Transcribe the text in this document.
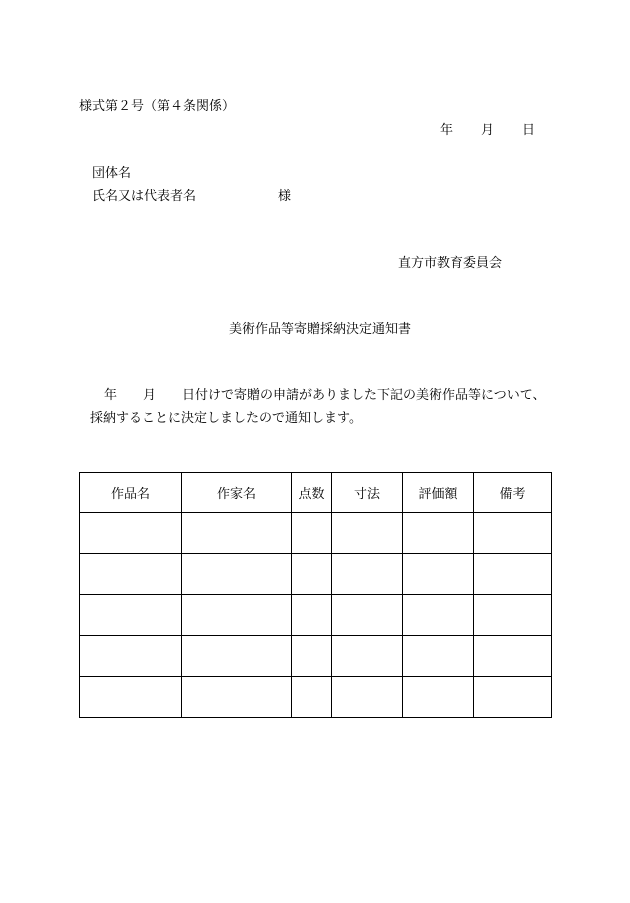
様式第２号（第４条関係）
年 月 日
団体名
氏名又は代表者名	様
直方市教育委員会
美術作品等寄贈採納決定通知書
年　　月　　日付けで寄贈の申請がありました下記の美術作品等について、
採納することに決定しましたので通知します。
作品名	作家名	点数	寸法	評価額	備考
